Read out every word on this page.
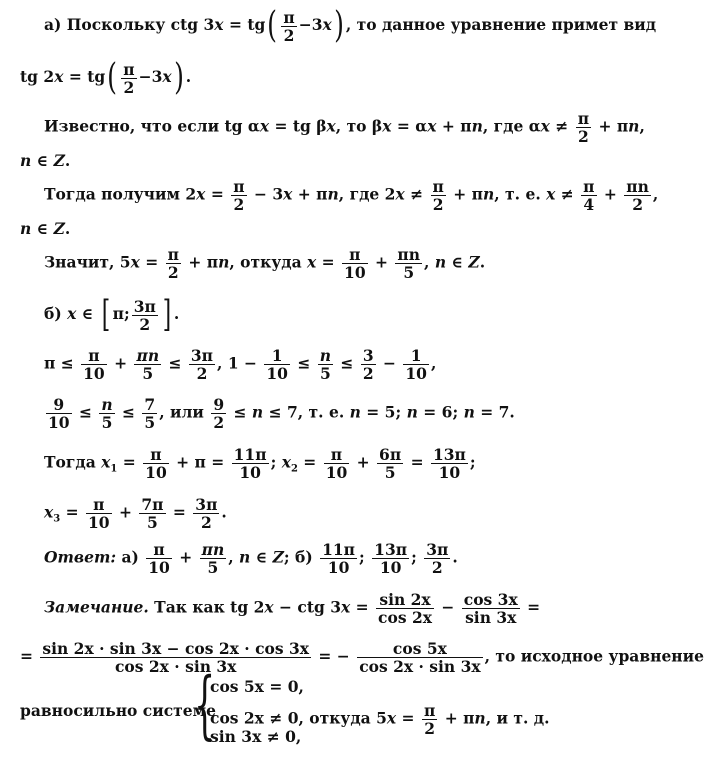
а) Поскольку ctg $3x = tg( \frac{\pi}{2} -3x)$ , то данное уравнение примет вид
tg $2x = tg( \frac{\pi}{2} -3x)$ .
Известно, что если tg αx = tg βx, то βx = αx + πn, где $\alpha x \ne \frac{\pi}{2} + \pi n$,
n ∈ Z.
Тогда получим $2x = \frac{\pi}{2} - 3x + \pi n$, где $2x \ne \frac{\pi}{2} + \pi n$, т. е. $x \ne \frac{\pi}{4} + \frac{\pi n}{2}$ ,
n ∈ Z.
Значит, $5x = \frac{\pi}{2} + \pi n$, откуда $x = \frac{\pi}{10} + \frac{\pi n}{5}$ , n ∈ Z.
б) x ∈ [ π; $\frac{3\pi}{2}$ ] .
$\pi \le \frac{\pi}{10} + \frac{\pi n}{5} \le \frac{3\pi}{2}$ , $1 - \frac{1}{10} \le \frac{n}{5} \le \frac{3}{2} - \frac{1}{10}$ ,
$\frac{9}{10} \le \frac{n}{5} \le \frac{7}{5}$ , или $\frac{9}{2} \le n \le 7$, т. е. n = 5; n = 6; n = 7.
Тогда $x_1 = \frac{\pi}{10} + \pi = \frac{11\pi}{10}$ ; $x_2 = \frac{\pi}{10} + \frac{6\pi}{5} = \frac{13\pi}{10}$ ;
$x_3 = \frac{\pi}{10} + \frac{7\pi}{5} = \frac{3\pi}{2}$ .
Ответ: $а) \frac{\pi}{10} + \frac{\pi n}{5}$ , n ∈ Z; $б) \frac{11\pi}{10}$ ; $\frac{13\pi}{10}$ ; $\frac{3\pi}{2}$ .
Замечание. Так как tg 2x − ctg $3x = \frac{\sin 2x}{\cos 2x} - \frac{\cos 3x}{\sin 3x}$ =
= $\frac{\sin 2x \cdot \sin 3x - \cos 2x \cdot \cos 3x}{\cos 2x \cdot \sin 3x}$ = − $\frac{\cos 5x}{\cos 2x \cdot \sin 3x}$ , то исходное уравнение
равносильно системе
{
cos 5x = 0,
cos 2x ≠ 0, откуда $5x = \frac{\pi}{2} + \pi n$, и т. д.
sin 3x ≠ 0,
